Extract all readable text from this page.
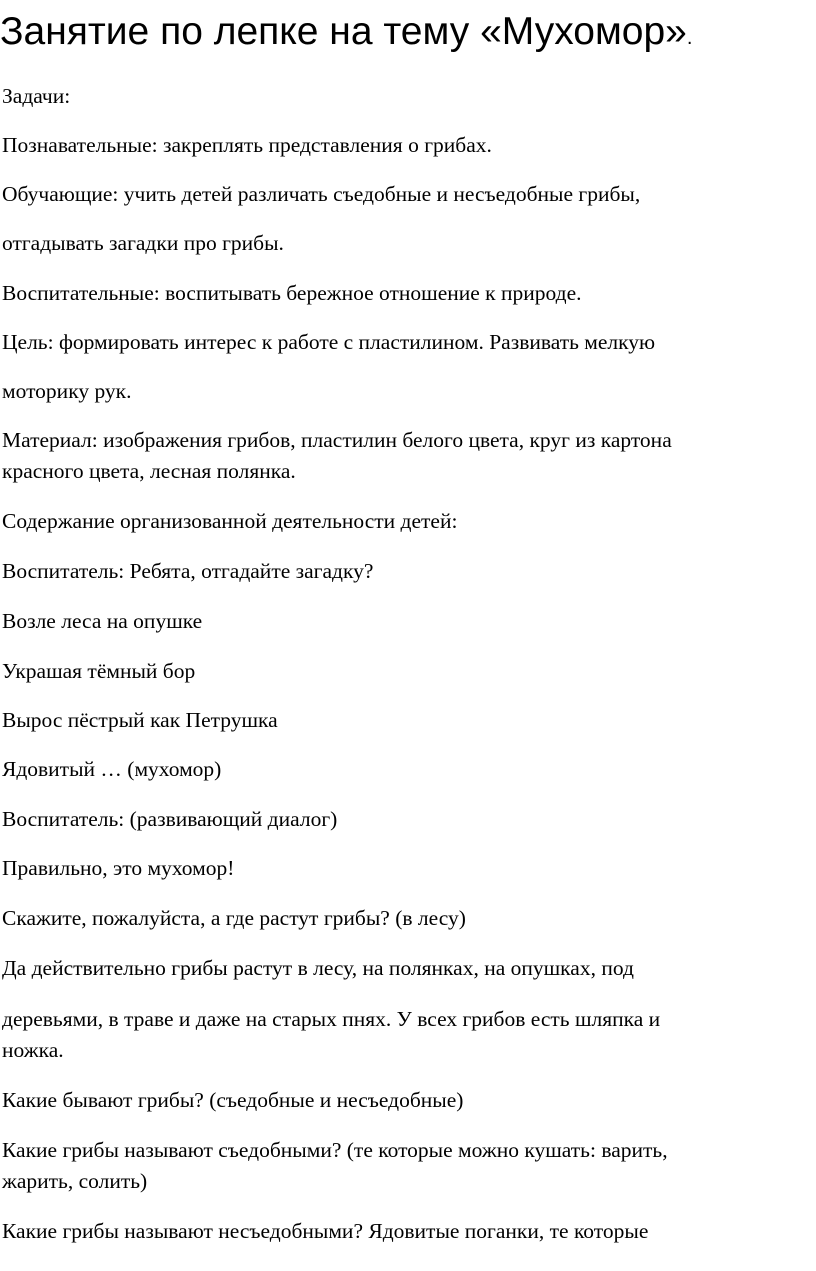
Занятие по лепке на тему «Мухомор».

Задачи:

Познавательные: закреплять представления о грибах.

Обучающие: учить детей различать съедобные и несъедобные грибы,

отгадывать загадки про грибы.

Воспитательные: воспитывать бережное отношение к природе.

Цель: формировать интерес к работе с пластилином. Развивать мелкую

моторику рук.

Материал: изображения грибов, пластилин белого цвета, круг из картона

красного цвета, лесная полянка.

Содержание организованной деятельности детей:

Воспитатель: Ребята, отгадайте загадку?

Возле леса на опушке

Украшая тёмный бор

Вырос пёстрый как Петрушка

Ядовитый … (мухомор)

Воспитатель: (развивающий диалог)

Правильно, это мухомор!

Скажите, пожалуйста, а где растут грибы? (в лесу)

Да действительно грибы растут в лесу, на полянках, на опушках, под

деревьями, в траве и даже на старых пнях. У всех грибов есть шляпка и

ножка.

Какие бывают грибы? (съедобные и несъедобные)

Какие грибы называют съедобными? (те которые можно кушать: варить,

жарить, солить)

Какие грибы называют несъедобными? Ядовитые поганки, те которые
